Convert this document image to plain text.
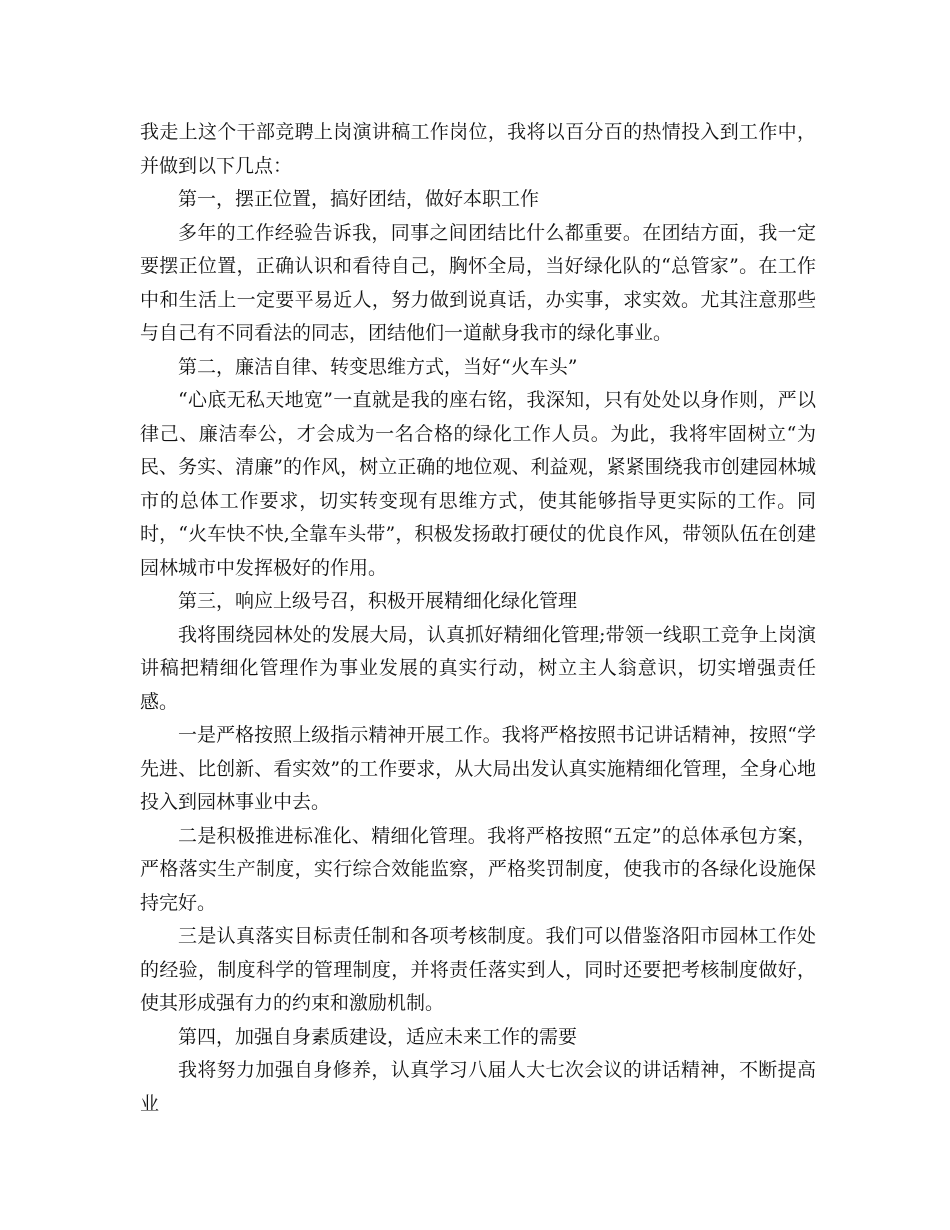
我走上这个干部竞聘上岗演讲稿工作岗位，我将以百分百的热情投入到工作中，并做到以下几点：

第一，摆正位置，搞好团结，做好本职工作

多年的工作经验告诉我，同事之间团结比什么都重要。在团结方面，我一定要摆正位置，正确认识和看待自己，胸怀全局，当好绿化队的“总管家”。在工作中和生活上一定要平易近人，努力做到说真话，办实事，求实效。尤其注意那些与自己有不同看法的同志，团结他们一道献身我市的绿化事业。

第二，廉洁自律、转变思维方式，当好“火车头”

“心底无私天地宽”一直就是我的座右铭，我深知，只有处处以身作则，严以律己、廉洁奉公，才会成为一名合格的绿化工作人员。为此，我将牢固树立“为民、务实、清廉”的作风，树立正确的地位观、利益观，紧紧围绕我市创建园林城市的总体工作要求，切实转变现有思维方式，使其能够指导更实际的工作。同时，“火车快不快,全靠车头带”，积极发扬敢打硬仗的优良作风，带领队伍在创建园林城市中发挥极好的作用。

第三，响应上级号召，积极开展精细化绿化管理

我将围绕园林处的发展大局，认真抓好精细化管理;带领一线职工竞争上岗演讲稿把精细化管理作为事业发展的真实行动，树立主人翁意识，切实增强责任感。

一是严格按照上级指示精神开展工作。我将严格按照书记讲话精神，按照“学先进、比创新、看实效”的工作要求，从大局出发认真实施精细化管理，全身心地投入到园林事业中去。

二是积极推进标准化、精细化管理。我将严格按照“五定”的总体承包方案，严格落实生产制度，实行综合效能监察，严格奖罚制度，使我市的各绿化设施保持完好。

三是认真落实目标责任制和各项考核制度。我们可以借鉴洛阳市园林工作处的经验，制度科学的管理制度，并将责任落实到人，同时还要把考核制度做好，使其形成强有力的约束和激励机制。

第四，加强自身素质建设，适应未来工作的需要

我将努力加强自身修养，认真学习八届人大七次会议的讲话精神，不断提高业
